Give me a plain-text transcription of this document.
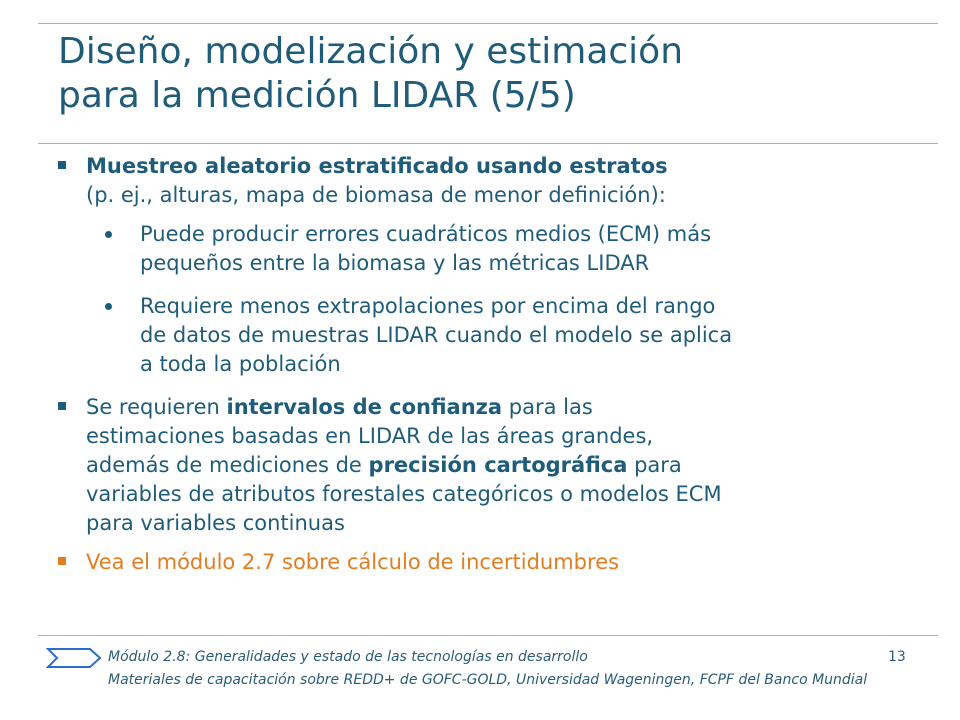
Diseño, modelización y estimación
para la medición LIDAR (5/5)
Muestreo aleatorio estratificado usando estratos
(p. ej., alturas, mapa de biomasa de menor definición):
Puede producir errores cuadráticos medios (ECM) más
pequeños entre la biomasa y las métricas LIDAR
Requiere menos extrapolaciones por encima del rango
de datos de muestras LIDAR cuando el modelo se aplica
a toda la población
Se requieren intervalos de confianza para las
estimaciones basadas en LIDAR de las áreas grandes,
además de mediciones de precisión cartográfica para
variables de atributos forestales categóricos o modelos ECM
para variables continuas
Vea el módulo 2.7 sobre cálculo de incertidumbres
Módulo 2.8: Generalidades y estado de las tecnologías en desarrollo	13
Materiales de capacitación sobre REDD+ de GOFC-GOLD, Universidad Wageningen, FCPF del Banco Mundial
